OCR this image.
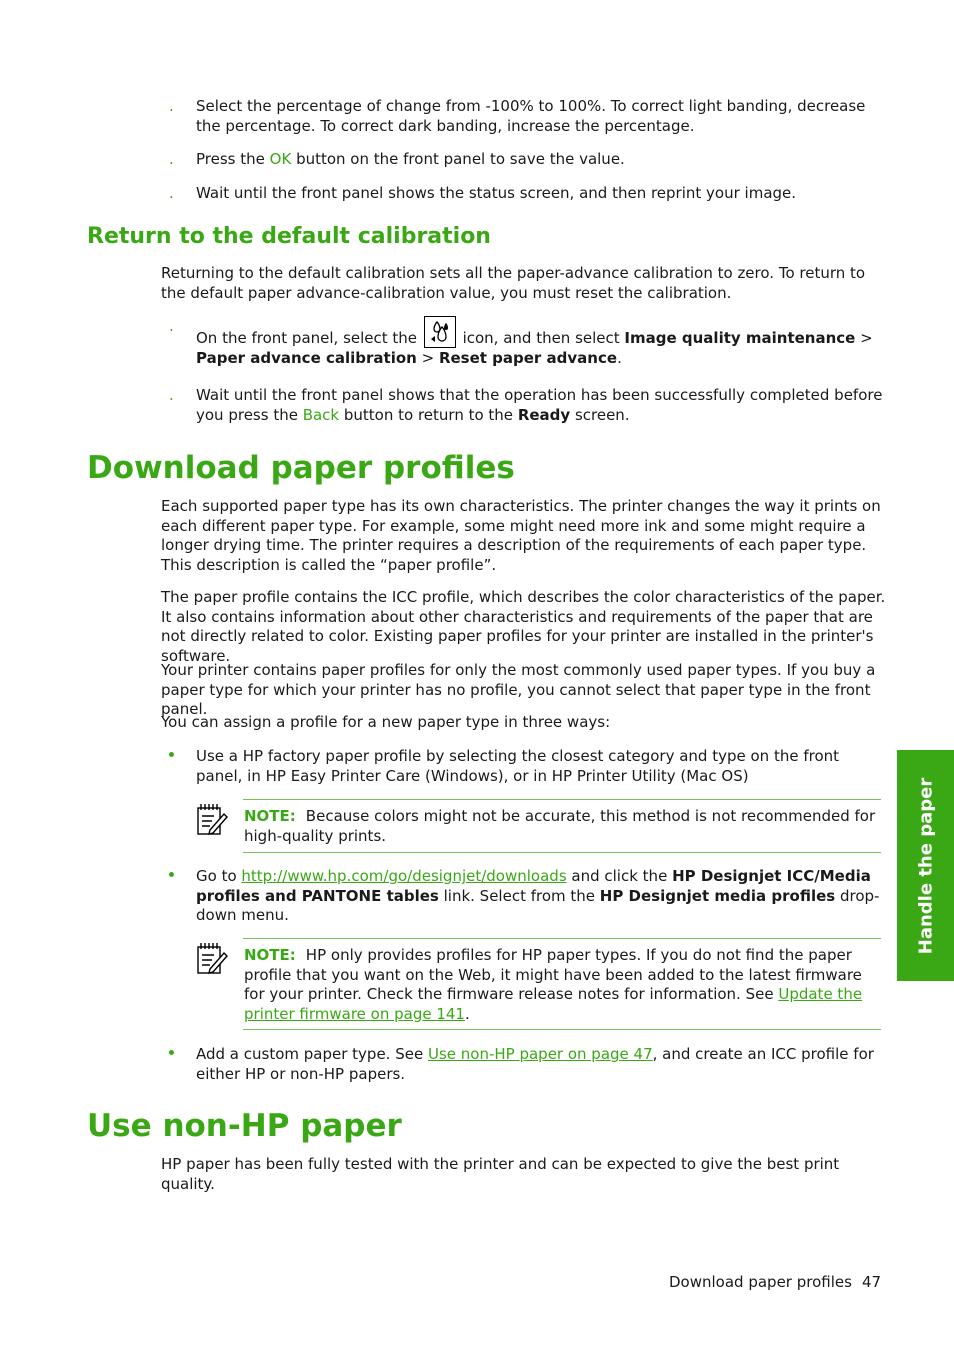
. Select the percentage of change from -100% to 100%. To correct light banding, decrease the percentage. To correct dark banding, increase the percentage.
. Press the OK button on the front panel to save the value.
. Wait until the front panel shows the status screen, and then reprint your image.
Return to the default calibration
Returning to the default calibration sets all the paper-advance calibration to zero. To return to the default paper advance-calibration value, you must reset the calibration.
.
On the front panel, select the  icon, and then select Image quality maintenance > Paper advance calibration > Reset paper advance.
. Wait until the front panel shows that the operation has been successfully completed before you press the Back button to return to the Ready screen.
Download paper profiles
Each supported paper type has its own characteristics. The printer changes the way it prints on each different paper type. For example, some might need more ink and some might require a longer drying time. The printer requires a description of the requirements of each paper type. This description is called the “paper profile”.
The paper profile contains the ICC profile, which describes the color characteristics of the paper. It also contains information about other characteristics and requirements of the paper that are not directly related to color. Existing paper profiles for your printer are installed in the printer's software.
Your printer contains paper profiles for only the most commonly used paper types. If you buy a paper type for which your printer has no profile, you cannot select that paper type in the front panel.
You can assign a profile for a new paper type in three ways:
Use a HP factory paper profile by selecting the closest category and type on the front panel, in HP Easy Printer Care (Windows), or in HP Printer Utility (Mac OS)
NOTE: Because colors might not be accurate, this method is not recommended for high-quality prints.
Go to http://www.hp.com/go/designjet/downloads and click the HP Designjet ICC/Media profiles and PANTONE tables link. Select from the HP Designjet media profiles drop-down menu.
NOTE: HP only provides profiles for HP paper types. If you do not find the paper profile that you want on the Web, it might have been added to the latest firmware for your printer. Check the firmware release notes for information. See Update the printer firmware on page 141.
Add a custom paper type. See Use non-HP paper on page 47, and create an ICC profile for either HP or non-HP papers.
Use non-HP paper
HP paper has been fully tested with the printer and can be expected to give the best print quality.
Handle the paper
Download paper profiles 47
